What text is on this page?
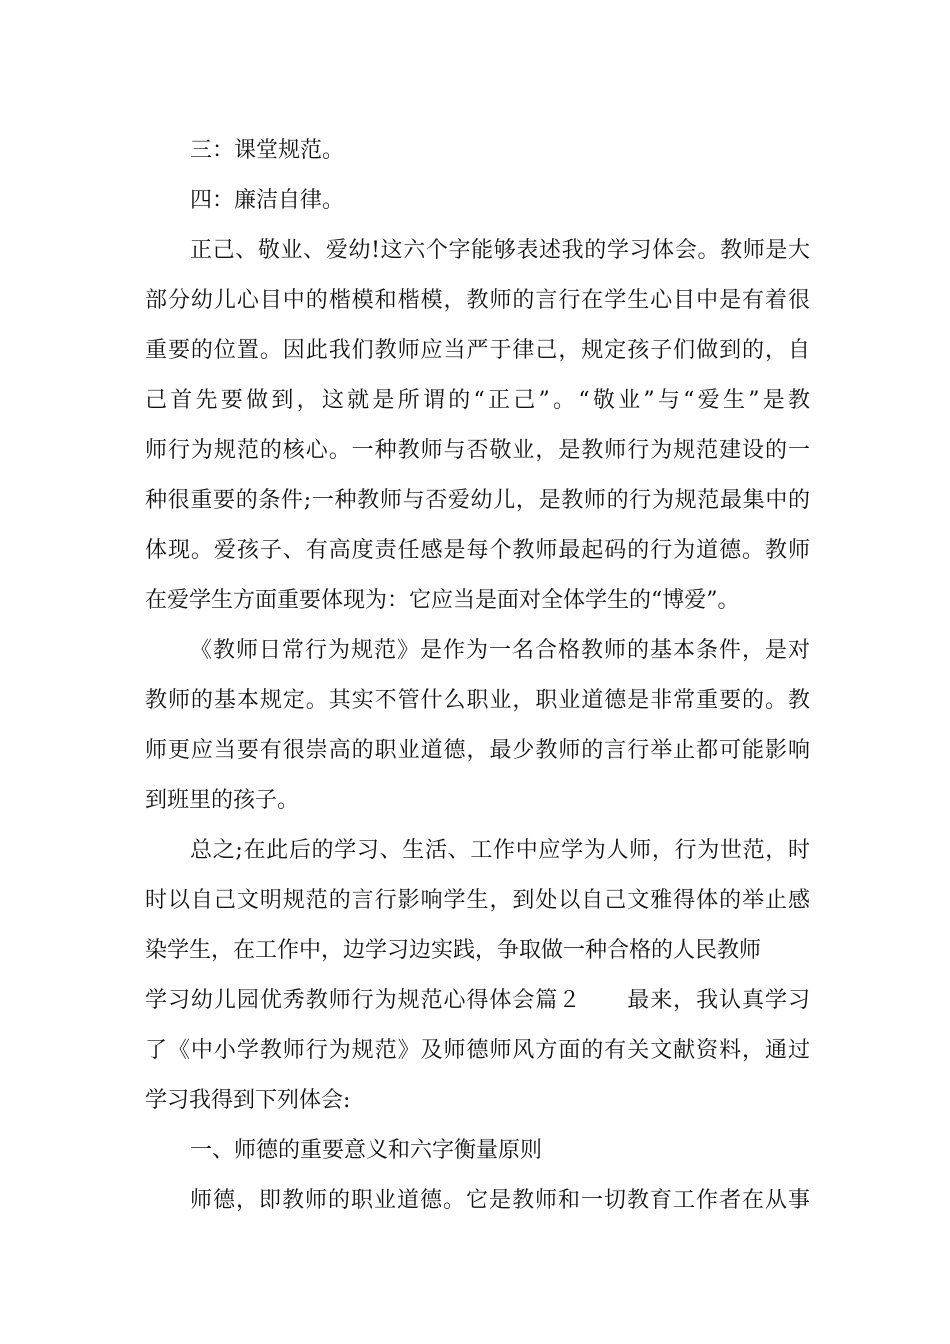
三：课堂规范。
四：廉洁自律。
正己、敬业、爱幼!这六个字能够表述我的学习体会。教师是大
部分幼儿心目中的楷模和楷模，教师的言行在学生心目中是有着很
重要的位置。因此我们教师应当严于律己，规定孩子们做到的，自
己首先要做到，这就是所谓的“正己”。“敬业”与“爱生”是教
师行为规范的核心。一种教师与否敬业，是教师行为规范建设的一
种很重要的条件;一种教师与否爱幼儿，是教师的行为规范最集中的
体现。爱孩子、有高度责任感是每个教师最起码的行为道德。教师
在爱学生方面重要体现为：它应当是面对全体学生的“博爱”。
《教师日常行为规范》是作为一名合格教师的基本条件，是对
教师的基本规定。其实不管什么职业，职业道德是非常重要的。教
师更应当要有很崇高的职业道德，最少教师的言行举止都可能影响
到班里的孩子。
总之;在此后的学习、生活、工作中应学为人师，行为世范，时
时以自己文明规范的言行影响学生，到处以自己文雅得体的举止感
染学生，在工作中，边学习边实践，争取做一种合格的人民教师
学习幼儿园优秀教师行为规范心得体会篇２　　最来，我认真学习
了《中小学教师行为规范》及师德师风方面的有关文献资料，通过
学习我得到下列体会:
一、师德的重要意义和六字衡量原则
师德，即教师的职业道德。它是教师和一切教育工作者在从事
